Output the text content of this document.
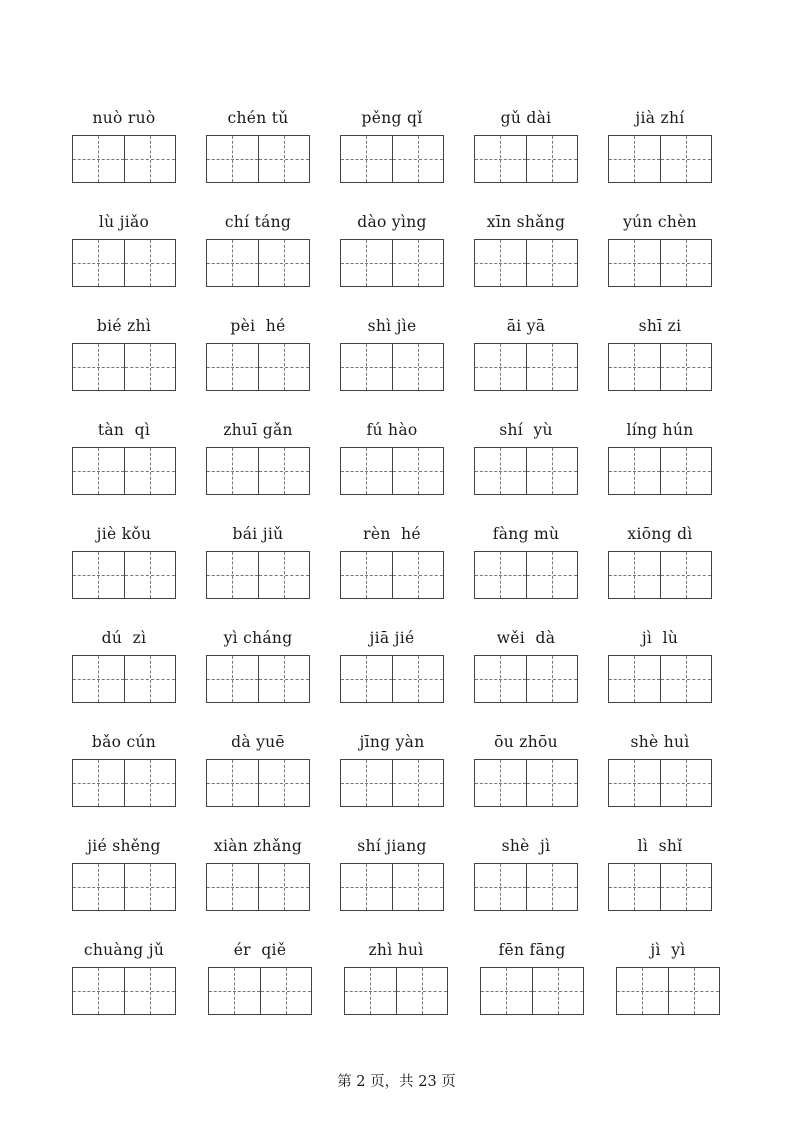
nuò ruò	chén tǔ	pěng qǐ	gǔ dài	jià zhí
lù jiǎo	chí táng	dào yìng	xīn shǎng	yún chèn
bié zhì	pèi  hé	shì jìe	āi yā	shī zi
tàn  qì	zhuī gǎn	fú hào	shí  yù	líng hún
jiè kǒu	bái jiǔ	rèn  hé	fàng mù	xiōng dì
dú  zì	yì cháng	jiā jié	wěi  dà	jì  lù
bǎo cún	dà yuē	jīng yàn	ōu zhōu	shè huì
jié shěng	xiàn zhǎng	shí jiang	shè  jì	lì  shǐ
chuàng jǔ	ér  qiě	zhì huì	fēn fāng	jì  yì
第 2 页，共 23 页
